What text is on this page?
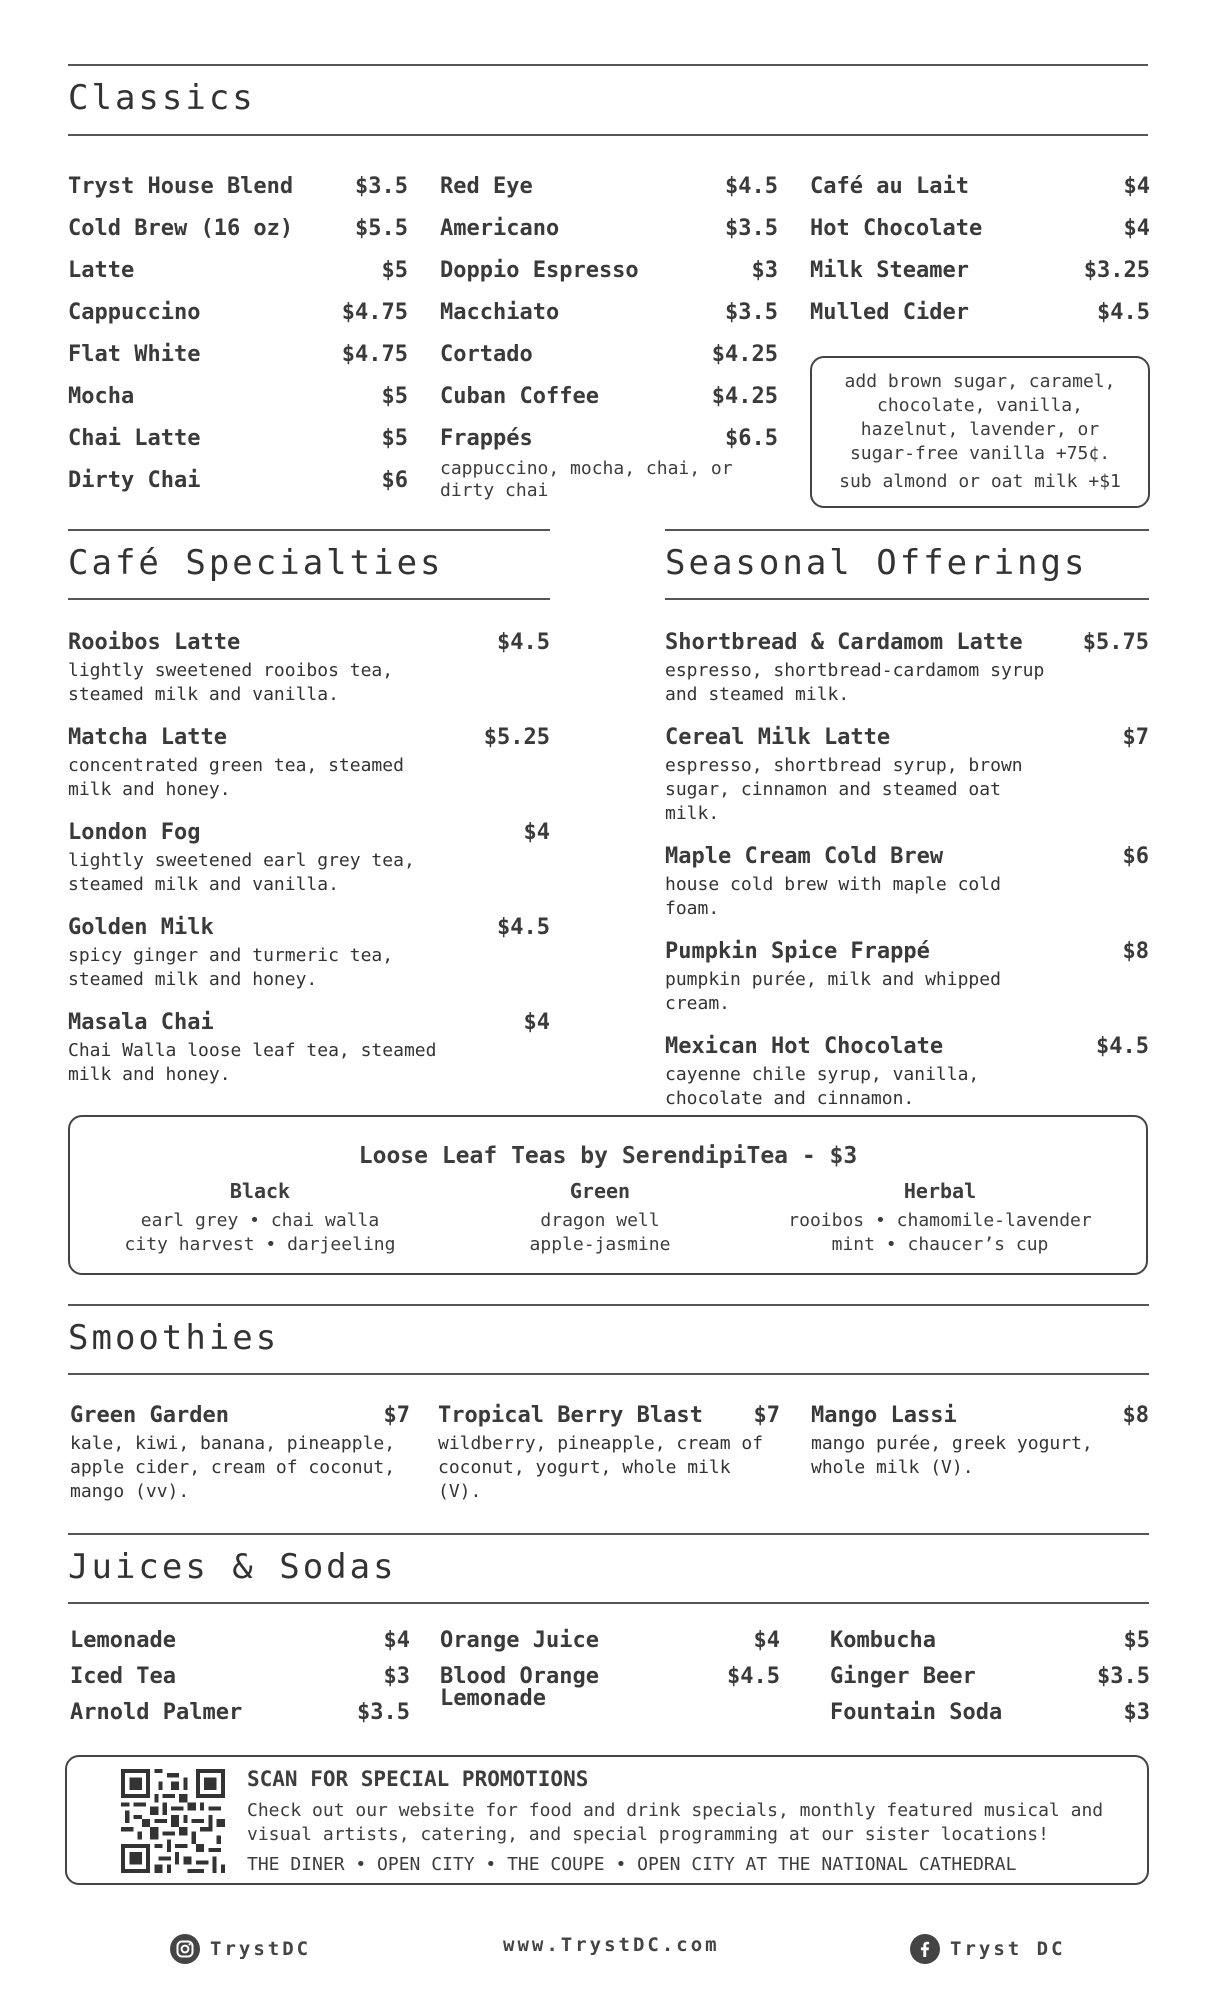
Classics
Tryst House Blend	$3.5
Cold Brew (16 oz)	$5.5
Latte	$5
Cappuccino	$4.75
Flat White	$4.75
Mocha	$5
Chai Latte	$5
Dirty Chai	$6
Red Eye	$4.5
Americano	$3.5
Doppio Espresso	$3
Macchiato	$3.5
Cortado	$4.25
Cuban Coffee	$4.25
Frappés	$6.5
cappuccino, mocha, chai, or dirty chai
Café au Lait	$4
Hot Chocolate	$4
Milk Steamer	$3.25
Mulled Cider	$4.5
add brown sugar, caramel, chocolate, vanilla, hazelnut, lavender, or sugar-free vanilla +75¢.
sub almond or oat milk +$1
Café Specialties
Rooibos Latte	$4.5
lightly sweetened rooibos tea, steamed milk and vanilla.
Matcha Latte	$5.25
concentrated green tea, steamed milk and honey.
London Fog	$4
lightly sweetened earl grey tea, steamed milk and vanilla.
Golden Milk	$4.5
spicy ginger and turmeric tea, steamed milk and honey.
Masala Chai	$4
Chai Walla loose leaf tea, steamed milk and honey.
Seasonal Offerings
Shortbread & Cardamom Latte	$5.75
espresso, shortbread-cardamom syrup and steamed milk.
Cereal Milk Latte	$7
espresso, shortbread syrup, brown sugar, cinnamon and steamed oat milk.
Maple Cream Cold Brew	$6
house cold brew with maple cold foam.
Pumpkin Spice Frappé	$8
pumpkin purée, milk and whipped cream.
Mexican Hot Chocolate	$4.5
cayenne chile syrup, vanilla, chocolate and cinnamon.
Loose Leaf Teas by SerendipiTea - $3
Black
earl grey • chai walla
city harvest • darjeeling
Green
dragon well
apple-jasmine
Herbal
rooibos • chamomile-lavender
mint • chaucer’s cup
Smoothies
Green Garden	$7
kale, kiwi, banana, pineapple, apple cider, cream of coconut, mango (vv).
Tropical Berry Blast $7
wildberry, pineapple, cream of coconut, yogurt, whole milk (V).
Mango Lassi	$8
mango purée, greek yogurt, whole milk (V).
Juices & Sodas
Lemonade	$4
Iced Tea	$3
Arnold Palmer	$3.5
Orange Juice	$4
Blood Orange Lemonade
$4.5
Kombucha	$5
Ginger Beer	$3.5
Fountain Soda	$3
SCAN FOR SPECIAL PROMOTIONS
Check out our website for food and drink specials, monthly featured musical and visual artists, catering, and special programming at our sister locations!
THE DINER • OPEN CITY • THE COUPE • OPEN CITY AT THE NATIONAL CATHEDRAL
TrystDC	www.TrystDC.com	Tryst DC
